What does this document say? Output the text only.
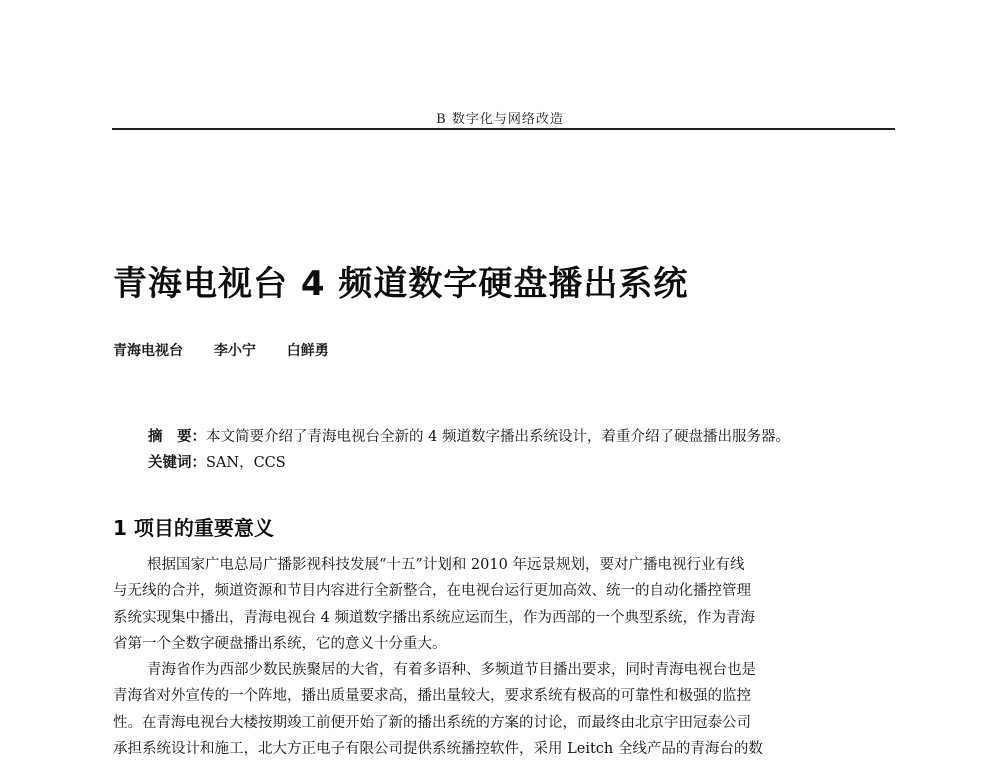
B 数字化与网络改造
青海电视台 4 频道数字硬盘播出系统
青海电视台 李小宁 白鲜勇
摘　要：本文简要介绍了青海电视台全新的 4 频道数字播出系统设计，着重介绍了硬盘播出服务器。
关键词：SAN，CCS
1 项目的重要意义
根据国家广电总局广播影视科技发展“十五”计划和 2010 年远景规划，要对广播电视行业有线
与无线的合并，频道资源和节目内容进行全新整合，在电视台运行更加高效、统一的自动化播控管理
系统实现集中播出，青海电视台 4 频道数字播出系统应运而生，作为西部的一个典型系统，作为青海
省第一个全数字硬盘播出系统，它的意义十分重大。
青海省作为西部少数民族聚居的大省，有着多语种、多频道节目播出要求，同时青海电视台也是
青海省对外宣传的一个阵地，播出质量要求高，播出量较大，要求系统有极高的可靠性和极强的监控
性。在青海电视台大楼按期竣工前便开始了新的播出系统的方案的讨论，而最终由北京宇田冠泰公司
承担系统设计和施工，北大方正电子有限公司提供系统播控软件，采用 Leitch 全线产品的青海台的数
